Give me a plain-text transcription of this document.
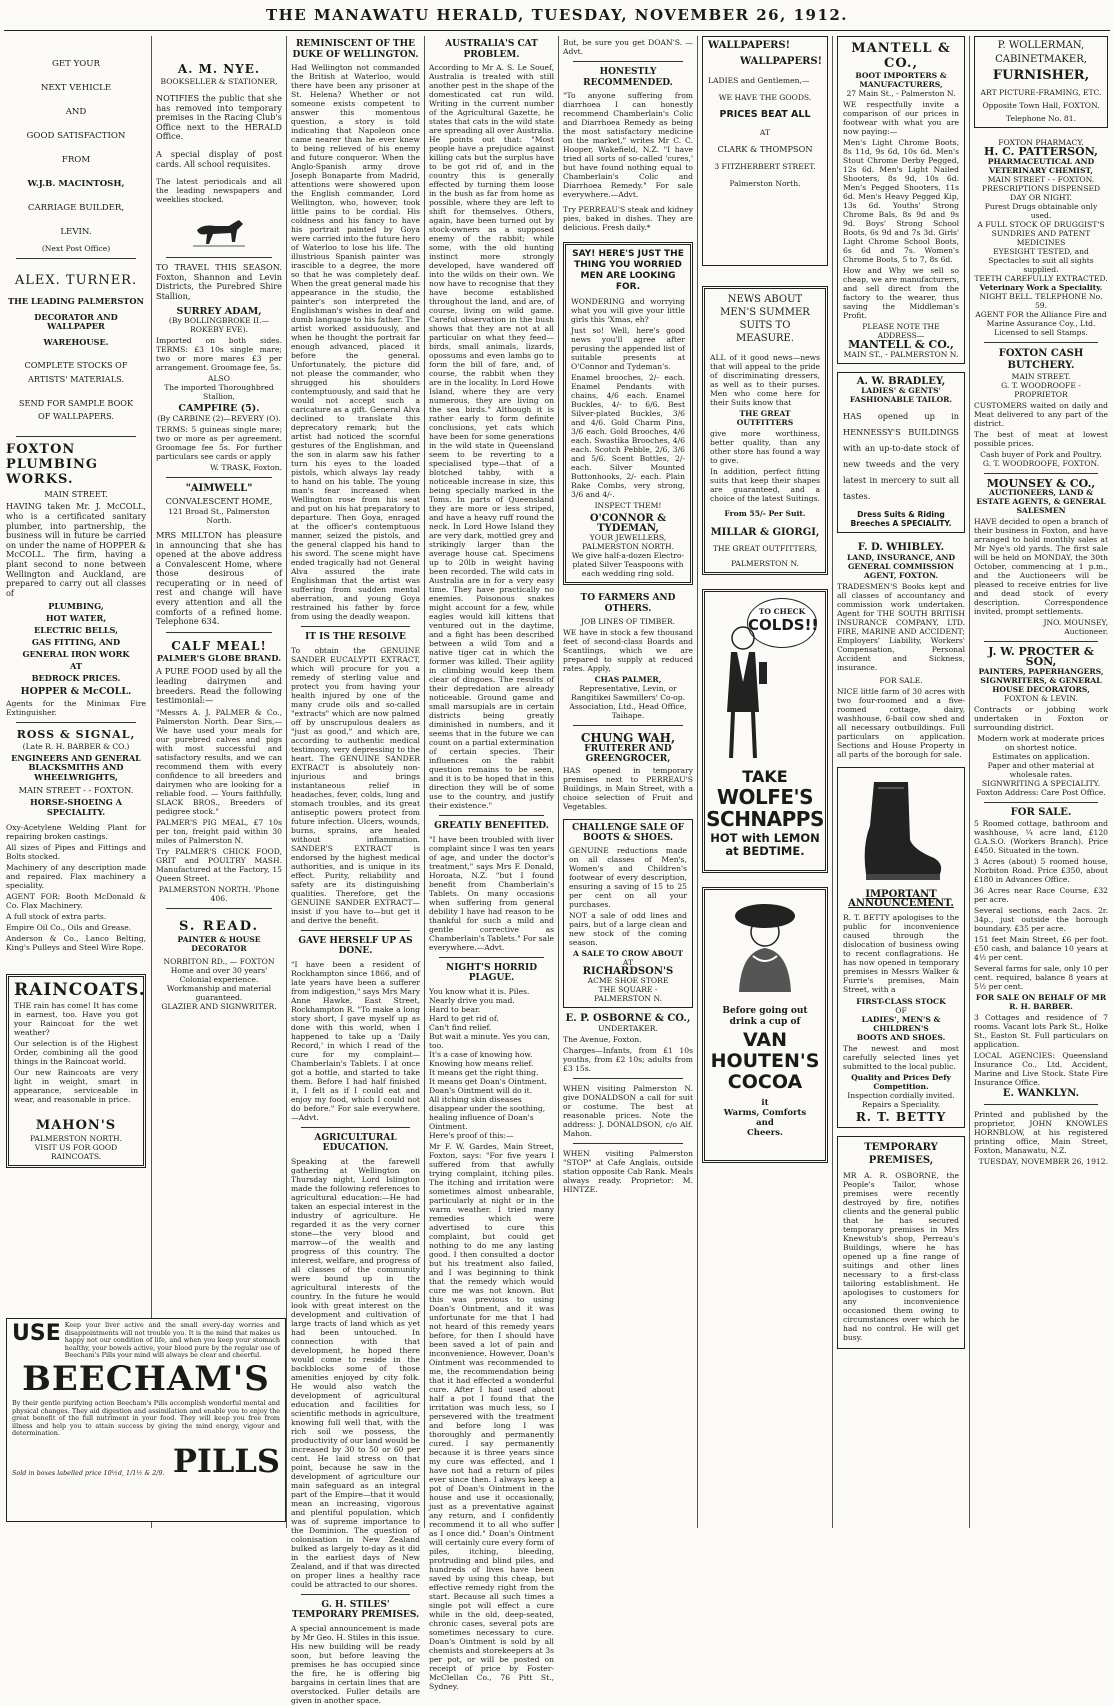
THE MANAWATU HERALD, TUESDAY, NOVEMBER 26, 1912.
GET YOUR
NEXT VEHICLE
AND
GOOD SATISFACTION
FROM
W.J.B. MACINTOSH,
CARRIAGE BUILDER,
LEVIN.
(Next Post Office)
ALEX. TURNER.
THE LEADING PALMERSTON
DECORATOR AND WALLPAPER
WAREHOUSE.
COMPLETE STOCKS OF
ARTISTS' MATERIALS.
SEND FOR SAMPLE BOOK
OF WALLPAPERS.
FOXTON PLUMBING WORKS.
MAIN STREET.
HAVING taken Mr. J. McCOLL, who is a certificated sanitary plumber, into partnership, the business will in future be carried on under the name of HOPPER & McCOLL. The firm, having a plant second to none between Wellington and Auckland, are prepared to carry out all classes of
PLUMBING,
HOT WATER,
ELECTRIC BELLS,
GAS FITTING, AND
GENERAL IRON WORK
AT
BEDROCK PRICES.
HOPPER & McCOLL.
Agents for the Minimax Fire Extinguisher.
ROSS & SIGNAL,
(Late R. H. BARBER & CO.)
ENGINEERS AND GENERAL BLACKSMITHS AND WHEELWRIGHTS,
MAIN STREET - - FOXTON.
HORSE-SHOEING A SPECIALITY.
Oxy-Acetylene Welding Plant for repairing broken castings.
All sizes of Pipes and Fittings and Bolts stocked.
Machinery of any description made and repaired. Flax machinery a speciality.
AGENT FOR: Booth McDonald & Co. Flax Machinery.
A full stock of extra parts.
Empire Oil Co., Oils and Grease.
Anderson & Co., Lanco Belting, King's Pulleys and Steel Wire Rope.
RAINCOATS.
THE rain has come! It has come in earnest, too. Have you got your Raincoat for the wet weather?
Our selection is of the Highest Order, combining all the good things in the Raincoat world.
Our new Raincoats are very light in weight, smart in appearance, serviceable in wear, and reasonable in price.
MAHON'S
PALMERSTON NORTH.
VISIT US FOR GOOD RAINCOATS.
USE Keep your liver active and the small every-day worries and disappointments will not trouble you. It is the mind that makes us happy not our condition of life, and when you keep your stomach healthy, your bowels active, your blood pure by the regular use of Beecham's Pills your mind will always be clear and cheerful.
BEECHAM'S
By their gentle purifying action Beecham's Pills accomplish wonderful mental and physical changes. They aid digestion and assimilation and enable you to enjoy the great benefit of the full nutriment in your food. They will keep you free from illness and help you to attain success by giving the mind energy, vigour and determination.
Sold in boxes labelled price 10½d, 1/1½ & 2/9. PILLS
A. M. NYE.
BOOKSELLER & STATIONER,
NOTIFIES the public that she has removed into temporary premises in the Racing Club's Office next to the HERALD Office.
A special display of post cards. All school requisites.
The latest periodicals and all the leading newspapers and weeklies stocked.
TO TRAVEL THIS SEASON. Foxton, Shannon and Levin Districts, the Purebred Shire Stallion,
SURREY ADAM,
(By BOLLINGBROKE II.—ROKEBY EVE).
Imported on both sides. TERMS: £3 10s single mare; two or more mares £3 per arrangement. Groomage fee, 5s.
ALSO
The imported Thoroughbred Stallion,
CAMPFIRE (5).
(By CARBINE (2)—REVERY (O).
TERMS: 5 guineas single mare; two or more as per agreement. Groomage fee 5s. For further particulars see cards or apply
W. TRASK, Foxton.
"AIMWELL"
CONVALESCENT HOME,
121 Broad St., Palmerston North.
MRS MILLTON has pleasure in announcing that she has opened at the above address a Convalescent Home, where those desirous of recuperating or in need of rest and change will have every attention and all the comforts of a refined home. Telephone 634.
CALF MEAL!
PALMER'S GLOBE BRAND.
A PURE FOOD used by all the leading dairymen and breeders. Read the following testimonial:—
"Messrs A. J. PALMER & Co., Palmerston North. Dear Sirs,—We have used your meals for our purebred calves and pigs with most successful and satisfactory results, and we can recommend them with every confidence to all breeders and dairymen who are looking for a reliable food. — Yours faithfully, SLACK BROS., Breeders of pedigree stock."
PALMER'S PIG MEAL, £7 10s per ton, freight paid within 30 miles of Palmerston N.
Try PALMER'S CHICK FOOD, GRIT and POULTRY MASH. Manufactured at the Factory, 15 Queen Street.
PALMERSTON NORTH. 'Phone 406.
S. READ.
PAINTER & HOUSE DECORATOR
NORBITON RD., — FOXTON
Home and over 30 years' Colonial experience.
Workmanship and material guaranteed.
GLAZIER AND SIGNWRITER.
REMINISCENT OF THE DUKE OF WELLINGTON.
Had Wellington not commanded the British at Waterloo, would there have been any prisoner at St. Helena? Whether or not someone exists competent to answer this momentous question, a story is told indicating that Napoleon once came nearer than he ever knew to being relieved of his enemy and future conqueror. When the Anglo-Spanish army drove Joseph Bonaparte from Madrid, attentions were showered upon the English commander, Lord Wellington, who, however, took little pains to be cordial. His coldness and his fancy to have his portrait painted by Goya were carried into the future hero of Waterloo to lose his life. The illustrious Spanish painter was irascible to a degree, the more so that he was completely deaf. When the great general made his appearance in the studio, the painter's son interpreted the Englishman's wishes in deaf and dumb language to his father. The artist worked assiduously, and when he thought the portrait far enough advanced, placed it before the general. Unfortunately, the picture did not please the commander, who shrugged his shoulders contemptuously, and said that he would not accept such a caricature as a gift. General Alva declined to translate this deprecatory remark; but the artist had noticed the scornful gestures of the Englishman, and the son in alarm saw his father turn his eyes to the loaded pistols, which always lay ready to hand on his table. The young man's fear increased when Wellington rose from his seat and put on his hat preparatory to departure. Then Goya, enraged at the officer's contemptuous manner, seized the pistols, and the general clapped his hand to his sword. The scene might have ended tragically had not General Alva assured the irate Englishman that the artist was suffering from sudden mental aberration, and young Goya restrained his father by force from using the deadly weapon.
IT IS THE RESOLVE
To obtain the GENUINE SANDER EUCALYPTI EXTRACT, which will procure for you a remedy of sterling value and protect you from having your health injured by one of the many crude oils and so-called "extracts" which are now palmed off by unscrupulous dealers as "just as good," and which are, according to authentic medical testimony, very depressing to the heart. The GENUINE SANDER EXTRACT is absolutely non-injurious and brings instantaneous relief in headaches, fever, colds, lung and stomach troubles, and its great antiseptic powers protect from future infection. Ulcers, wounds, burns, sprains, are healed without inflammation. SANDER'S EXTRACT is endorsed by the highest medical authorities, and is unique in its effect. Purity, reliability and safety are its distinguishing qualities. Therefore, get the GENUINE SANDER EXTRACT—insist if you have to—but get it and derive the benefit.
GAVE HERSELF UP AS DONE.
"I have been a resident of Rockhampton since 1866, and of late years have been a sufferer from indigestion," says Mrs Mary Anne Hawke, East Street, Rockhampton R. "To make a long story short, I gave myself up as done with this world, when I happened to take up a 'Daily Record,' in which I read of the cure for my complaint—Chamberlain's Tablets. I at once got a bottle, and started to take them. Before I had half finished it, I felt as if I could eat and enjoy my food, which I could not do before." For sale everywhere.—Advt.
AGRICULTURAL EDUCATION.
Speaking at the farewell gathering at Wellington on Thursday night, Lord Islington made the following references to agricultural education:—He had taken an especial interest in the industry of agriculture. He regarded it as the very corner stone—the very blood and marrow—of the wealth and progress of this country. The interest, welfare, and progress of all classes of the community were bound up in the agricultural interests of the country. In the future he would look with great interest on the development and cultivation of large tracts of land which as yet had been untouched. In connection with that development, he hoped there would come to reside in the backblocks some of those amenities enjoyed by city folk. He would also watch the development of agricultural education and facilities for scientific methods in agriculture, knowing full well that, with the rich soil we possess, the productivity of our land would be increased by 30 to 50 or 60 per cent. He laid stress on that point, because he saw in the development of agriculture our main safeguard as an integral part of the Empire—that it would mean an increasing, vigorous and plentiful population, which was of supreme importance to the Dominion. The question of colonisation in New Zealand bulked as largely to-day as it did in the earliest days of New Zealand, and if that was directed on proper lines a healthy race could be attracted to our shores.
G. H. STILES' TEMPORARY PREMISES.
A special announcement is made by Mr Geo. H. Stiles in this issue. His new building will be ready soon, but before leaving the premises he has occupied since the fire, he is offering big bargains in certain lines that are overstocked. Fuller details are given in another space.
AUSTRALIA'S CAT PROBLEM.
According to Mr A. S. Le Souef, Australia is treated with still another pest in the shape of the domesticated cat run wild. Writing in the current number of the Agricultural Gazette, he states that cats in the wild state are spreading all over Australia. He points out that: "Most people have a prejudice against killing cats but the surplus have to be got rid of, and in the country this is generally effected by turning them loose in the bush as far from home as possible, where they are left to shift for themselves. Others, again, have been turned out by stock-owners as a supposed enemy of the rabbit; while some, with the old hunting instinct more strongly developed, have wandered off into the wilds on their own. We now have to recognise that they have become established throughout the land, and are, of course, living on wild game. Careful observation in the bush shows that they are not at all particular on what they feed—birds, small animals, lizards, opossums and even lambs go to form the bill of fare, and, of course, the rabbit when they are in the locality. In Lord Howe Island, where they are very numerous, they are living on the sea birds." Although it is rather early to form definite conclusions, yet cats which have been for some generations in the wild state in Queensland seem to be reverting to a specialised type—that of a blotched tabby, with a noticeable increase in size, this being specially marked in the Toms. In parts of Queensland they are more or less striped, and have a heavy ruff round the neck. In Lord Howe Island they are very dark, mottled grey and strikingly larger than the average house cat. Specimens up to 20lb in weight having been recorded. The wild cats in Australia are in for a very easy time. They have practically no enemies. Poisonous snakes might account for a few, while eagles would kill kittens that ventured out in the daytime, and a fight has been described between a wild Tom and a native tiger cat in which the former was killed. Their agility in climbing would keep them clear of dingoes. The results of their depredation are already noticeable. Ground game and small marsupials are in certain districts being greatly diminished in numbers, and it seems that in the future we can count on a partial extermination of certain species. Their influences on the rabbit question remains to be seen, and it is to be hoped that in this direction they will be of some use to the country, and justify their existence."
GREATLY BENEFITED.
"I have been troubled with liver complaint since I was ten years of age, and under the doctor's treatment," says Mrs F. Donald, Horoata, N.Z. "but I found benefit from Chamberlain's Tablets. On many occasions when suffering from general debility I have had reason to be thankful for such a mild and gentle corrective as Chamberlain's Tablets." For sale everywhere.—Advt.
NIGHT'S HORRID PLAGUE.
You know what it is. Piles.
Nearly drive you mad.
Hard to bear.
Hard to get rid of.
Can't find relief.
But wait a minute. Yes you can, too.
It's a case of knowing how.
Knowing how means relief.
It means get the right thing.
It means get Doan's Ointment.
Doan's Ointment will do it.
All itching skin diseases disappear under the soothing, healing influence of Doan's Ointment.
Here's proof of this:—
Mr F. W. Gardes, Main Street, Foxton, says: "For five years I suffered from that awfully trying complaint, itching piles. The itching and irritation were sometimes almost unbearable, particularly at night or in the warm weather. I tried many remedies which were advertised to cure this complaint, but could get nothing to do me any lasting good. I then consulted a doctor but his treatment also failed, and I was beginning to think that the remedy which would cure me was not known. But this was previous to using Doan's Ointment, and it was unfortunate for me that I had not heard of this remedy years before, for then I should have been saved a lot of pain and inconvenience. However, Doan's Ointment was recommended to me, the recommendation being that it had effected a wonderful cure. After I had used about half a pot I found that the irritation was much less, so I persevered with the treatment and before long I was thoroughly and permanently cured. I say permanently because it is three years since my cure was effected, and I have not had a return of piles ever since then. I always keep a pot of Doan's Ointment in the house and use it occasionally, just as a preventative against any return, and I confidently recommend it to all who suffer as I once did." Doan's Ointment will certainly cure every form of piles, itching, bleeding, protruding and blind piles, and hundreds of lives have been saved by using this cheap, but effective remedy right from the start. Because all such times a single pot will effect a cure while in the old, deep-seated, chronic cases, several pots are sometimes necessary to cure. Doan's Ointment is sold by all chemists and storekeepers at 3s per pot, or will be posted on receipt of price by Foster-McClellan Co., 76 Pitt St., Sydney.
But, be sure you get DOAN'S. —Advt.
HONESTLY RECOMMENDED.
"To anyone suffering from diarrhoea I can honestly recommend Chamberlain's Colic and Diarrhoea Remedy as being the most satisfactory medicine on the market," writes Mr C. C. Hooper, Wakefield, N.Z. "I have tried all sorts of so-called 'cures,' but have found nothing equal to Chamberlain's Colic and Diarrhoea Remedy." For sale everywhere.—Advt.
Try PERREAU'S steak and kidney pies, baked in dishes. They are delicious. Fresh daily.*
SAY! HERE'S JUST THE THING YOU WORRIED MEN ARE LOOKING FOR.
WONDERING and worrying what you will give your little girls this 'Xmas, eh?
Just so! Well, here's good news you'll agree after perusing the appended list of suitable presents at O'Connor and Tydeman's.
Enamel brooches, 2/- each. Enamel Pendants with chains, 4/6 each. Enamel Buckles, 4/- to 6/6. Best Silver-plated Buckles, 3/6 and 4/6. Gold Charm Pins, 3/6 each. Gold Brooches, 4/6 each. Swastika Brooches, 4/6 each. Scotch Pebble, 2/6, 3/6 and 5/6. Scent Bottles, 2/- each. Silver Mounted Buttonhooks, 2/- each. Plain Rake Combs, very strong, 3/6 and 4/-.
INSPECT THEM!
O'CONNOR & TYDEMAN,
YOUR JEWELLERS,
PALMERSTON NORTH.
We give half-a-dozen Electro-plated Silver Teaspoons with each wedding ring sold.
TO FARMERS AND OTHERS.
JOB LINES OF TIMBER.
WE have in stock a few thousand feet of second-class Boards and Scantlings, which we are prepared to supply at reduced rates. Apply,
CHAS PALMER,
Representative, Levin, or Rangitikei Sawmillers' Co-op. Association, Ltd., Head Office, Taihape.
CHUNG WAH,
FRUITERER AND GREENGROCER,
HAS opened in temporary premises next to PERREAU'S Buildings, in Main Street, with a choice selection of Fruit and Vegetables.
CHALLENGE SALE OF BOOTS & SHOES.
GENUINE reductions made on all classes of Men's, Women's and Children's footwear of every description, ensuring a saving of 15 to 25 per cent on all your purchases.
NOT a sale of odd lines and pairs, but of a large clean and new stock of the coming season.
A SALE TO CROW ABOUT
AT
RICHARDSON'S
ACME SHOE STORE
THE SQUARE - PALMERSTON N.
E. P. OSBORNE & CO.,
UNDERTAKER.
The Avenue, Foxton.
Charges—Infants, from £1 10s youths, from £2 10s; adults from £3 15s.
WHEN visiting Palmerston N. give DONALDSON a call for suit or costume. The best at reasonable prices. Note the address: J. DONALDSON, c/o Alf. Mahon.
WHEN visiting Palmerston "STOP" at Cafe Anglais, outside station opposite Cab Rank. Meals always ready. Proprietor: M. HINTZE.
WALLPAPERS!
WALLPAPERS!
LADIES and Gentlemen,—
WE HAVE THE GOODS.
PRICES BEAT ALL
AT
CLARK & THOMPSON
3 FITZHERBERT STREET.
Palmerston North.
NEWS ABOUT MEN'S SUMMER SUITS TO MEASURE.
ALL of it good news—news that will appeal to the pride of discriminating dressers, as well as to their purses. Men who come here for their Suits know that
THE GREAT OUTFITTERS
give more worthiness, better quality, than any other store has found a way to give.
In addition, perfect fitting suits that keep their shapes are guaranteed, and a choice of the latest Suitings.
From 55/- Per Suit.
MILLAR & GIORGI,
THE GREAT OUTFITTERS,
PALMERSTON N.
TO CHECK
COLDS!!
TAKE
WOLFE'S SCHNAPPS
HOT with LEMON at BEDTIME.
Before going out drink a cup of
VAN HOUTEN'S COCOA
it
Warms, Comforts
and
Cheers.
MANTELL & CO.,
BOOT IMPORTERS & MANUFACTURERS,
27 Main St., - Palmerston N.
WE respectfully invite a comparison of our prices in footwear with what you are now paying:—
Men's Light Chrome Boots, 8s 11d, 9s 6d, 10s 6d. Men's Stout Chrome Derby Pegged, 12s 6d. Men's Light Nailed Shooters, 8s 9d, 10s 6d. Men's Pegged Shooters, 11s 6d. Men's Heavy Pegged Kip, 13s 6d. Youths' Strong Chrome Bals, 8s 9d and 9s 9d. Boys' Strong School Boots, 6s 9d and 7s 3d. Girls' Light Chrome School Boots, 6s 6d and 7s. Women's Chrome Boots, 5 to 7, 8s 6d.
How and Why we sell so cheap, we are manufacturers, and sell direct from the factory to the wearer, thus saving the Middleman's Profit.
PLEASE NOTE THE ADDRESS—
MANTELL & CO.,
MAIN ST., - PALMERSTON N.
A. W. BRADLEY,
LADIES' & GENTS' FASHIONABLE TAILOR.
HAS opened up in HENNESSY'S BUILDINGS with an up-to-date stock of new tweeds and the very latest in mercery to suit all tastes.
Dress Suits & Riding Breeches A SPECIALITY.
F. D. WHIBLEY.
LAND, INSURANCE, AND GENERAL COMMISSION AGENT, FOXTON.
TRADESMEN'S Books kept and all classes of accountancy and commission work undertaken. Agent for THE SOUTH BRITISH INSURANCE COMPANY, LTD. FIRE, MARINE AND ACCIDENT; Employers' Liability, Workers' Compensation, Personal Accident and Sickness, insurance.
FOR SALE.
NICE little farm of 30 acres with two four-roomed and a five-roomed cottage, dairy, washhouse, 6-bail cow shed and all necessary outbuildings. Full particulars on application. Sections and House Property in all parts of the borough for sale.
IMPORTANT ANNOUNCEMENT.
R. T. BETTY apologises to the public for inconvenience caused through the dislocation of business owing to recent conflagrations. He has now opened in temporary premises in Messrs Walker & Furrie's premises, Main Street, with a
FIRST-CLASS STOCK
OF
LADIES', MEN'S & CHILDREN'S
BOOTS AND SHOES.
The newest and most carefully selected lines yet submitted to the local public.
Quality and Prices Defy Competition.
Inspection cordially invited. Repairs a Speciality.
R. T. BETTY
TEMPORARY PREMISES,
MR A. R. OSBORNE, the People's Tailor, whose premises were recently destroyed by fire, notifies clients and the general public that he has secured temporary premises in Mrs Knewstub's shop, Perreau's Buildings, where he has opened up a fine range of suitings and other lines necessary to a first-class tailoring establishment. He apologises to customers for any inconvenience occasioned them owing to circumstances over which he had no control. He will get busy.
P. WOLLERMAN,
CABINETMAKER,
FURNISHER,
ART PICTURE-FRAMING, ETC.
Opposite Town Hall, FOXTON.
Telephone No. 81.
FOXTON PHARMACY.
H. C. PATTERSON,
PHARMACEUTICAL AND VETERINARY CHEMIST,
MAIN STREET - - FOXTON.
PRESCRIPTIONS DISPENSED DAY OR NIGHT.
Purest Drugs obtainable only used.
A FULL STOCK OF DRUGGIST'S SUNDRIES AND PATENT MEDICINES
EYESIGHT TESTED, and Spectacles to suit all sights supplied.
TEETH CAREFULLY EXTRACTED.
Veterinary Work a Speciality.
NIGHT BELL. TELEPHONE No. 59.
AGENT FOR the Alliance Fire and Marine Assurance Coy., Ltd.
Licensed to sell Stamps.
FOXTON CASH BUTCHERY.
MAIN STREET.
G. T. WOODROOFE - PROPRIETOR
CUSTOMERS waited on daily and Meat delivered to any part of the district.
The best of meat at lowest possible prices.
Cash buyer of Pork and Poultry.
G. T. WOODROOFE, FOXTON.
MOUNSEY & CO.,
AUCTIONEERS, LAND & ESTATE AGENTS, & GENERAL SALESMEN
HAVE decided to open a branch of their business in Foxton, and have arranged to hold monthly sales at Mr Nye's old yards. The first sale will be held on MONDAY, the 30th October, commencing at 1 p.m., and the Auctioneers will be pleased to receive entries for live and dead stock of every description. Correspondence invited, prompt settlements.
JNO. MOUNSEY,
Auctioneer.
J. W. PROCTER & SON,
PAINTERS, PAPERHANGERS, SIGNWRITERS, & GENERAL HOUSE DECORATORS,
FOXTON & LEVIN.
Contracts or jobbing work undertaken in Foxton or surrounding district.
Modern work at moderate prices on shortest notice.
Estimates on application.
Paper and other material at wholesale rates.
SIGNWRITING A SPECIALITY.
Foxton Address: Care Post Office.
FOR SALE.
5 Roomed cottage, bathroom and washhouse, ¼ acre land, £120 G.A.S.O. (Workers Branch). Price £450. Situated in the town.
3 Acres (about) 5 roomed house, Norbiton Road. Price £350, about £180 in Advances Office.
36 Acres near Race Course, £32 per acre.
Several sections, each 2acs. 2r. 34p., just outside the borough boundary. £35 per acre.
151 feet Main Street, £6 per foot. £50 cash, and balance 10 years at 4½ per cent.
Several farms for sale, only 10 per cent. required, balance 8 years at 5½ per cent.
FOR SALE ON BEHALF OF MR R. H. BARBER.
3 Cottages and residence of 7 rooms. Vacant lots Park St., Holke St., Easton St. Full particulars on application.
LOCAL AGENCIES: Queensland Insurance Co., Ltd. Accident, Marine and Live Stock. State Fire Insurance Office.
E. WANKLYN.
Printed and published by the proprietor, JOHN KNOWLES HORNBLOW, at his registered printing office, Main Street, Foxton, Manawatu, N.Z.
TUESDAY, NOVEMBER 26, 1912.
